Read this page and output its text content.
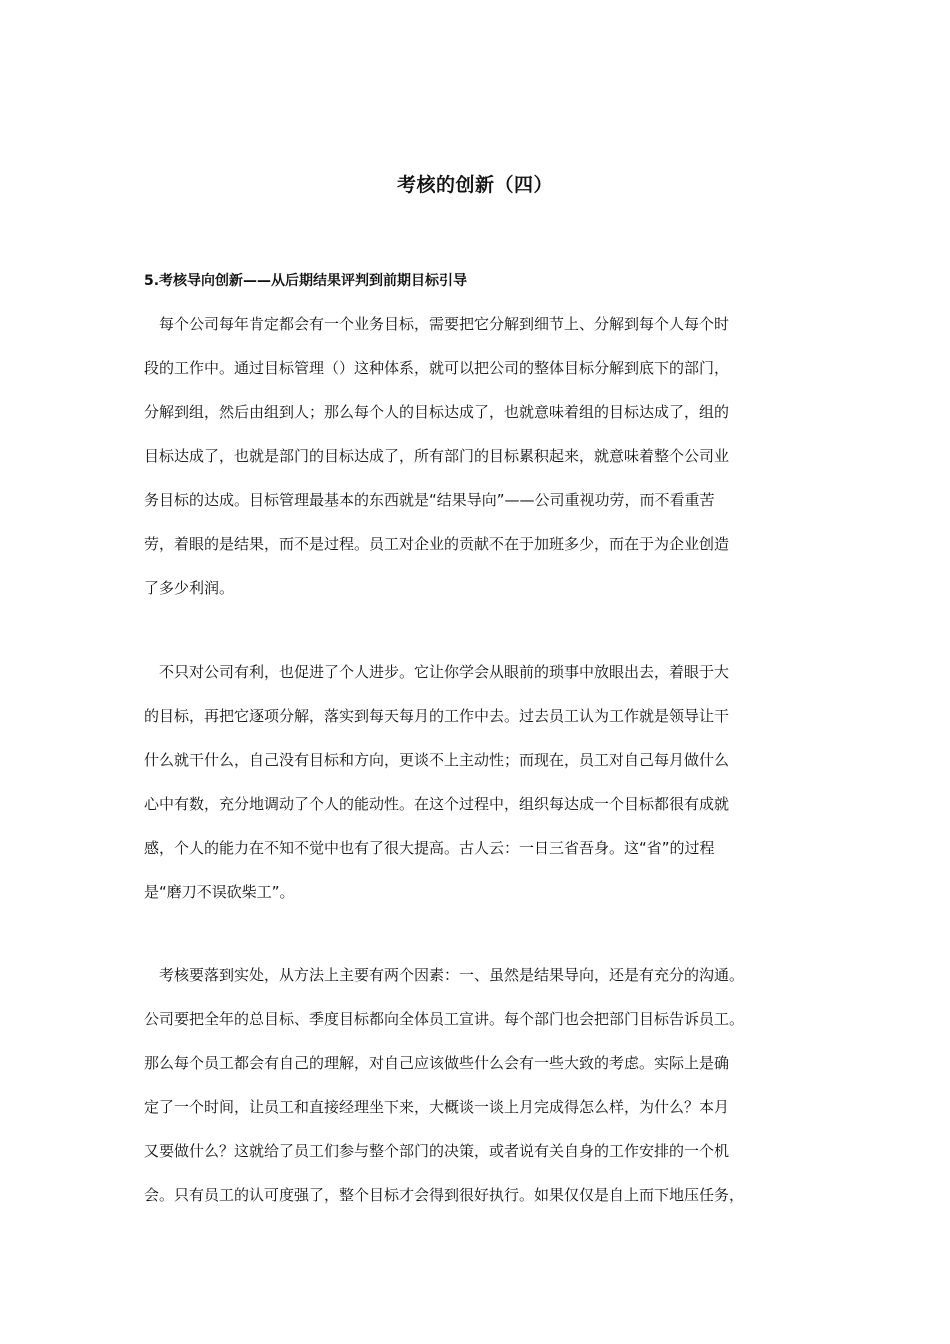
考核的创新（四）
5.考核导向创新——从后期结果评判到前期目标引导

　每个公司每年肯定都会有一个业务目标，需要把它分解到细节上、分解到每个人每个时
段的工作中。通过目标管理（）这种体系，就可以把公司的整体目标分解到底下的部门，
分解到组，然后由组到人；那么每个人的目标达成了，也就意味着组的目标达成了，组的
目标达成了，也就是部门的目标达成了，所有部门的目标累积起来，就意味着整个公司业
务目标的达成。目标管理最基本的东西就是“结果导向”——公司重视功劳，而不看重苦
劳，着眼的是结果，而不是过程。员工对企业的贡献不在于加班多少，而在于为企业创造
了多少利润。

　不只对公司有利，也促进了个人进步。它让你学会从眼前的琐事中放眼出去，着眼于大
的目标，再把它逐项分解，落实到每天每月的工作中去。过去员工认为工作就是领导让干
什么就干什么，自己没有目标和方向，更谈不上主动性；而现在，员工对自己每月做什么
心中有数，充分地调动了个人的能动性。在这个过程中，组织每达成一个目标都很有成就
感，个人的能力在不知不觉中也有了很大提高。古人云：一日三省吾身。这“省”的过程
是“磨刀不误砍柴工”。

　考核要落到实处，从方法上主要有两个因素：一、虽然是结果导向，还是有充分的沟通。
公司要把全年的总目标、季度目标都向全体员工宣讲。每个部门也会把部门目标告诉员工。
那么每个员工都会有自己的理解，对自己应该做些什么会有一些大致的考虑。实际上是确
定了一个时间，让员工和直接经理坐下来，大概谈一谈上月完成得怎么样，为什么？本月
又要做什么？这就给了员工们参与整个部门的决策，或者说有关自身的工作安排的一个机
会。只有员工的认可度强了，整个目标才会得到很好执行。如果仅仅是自上而下地压任务，
